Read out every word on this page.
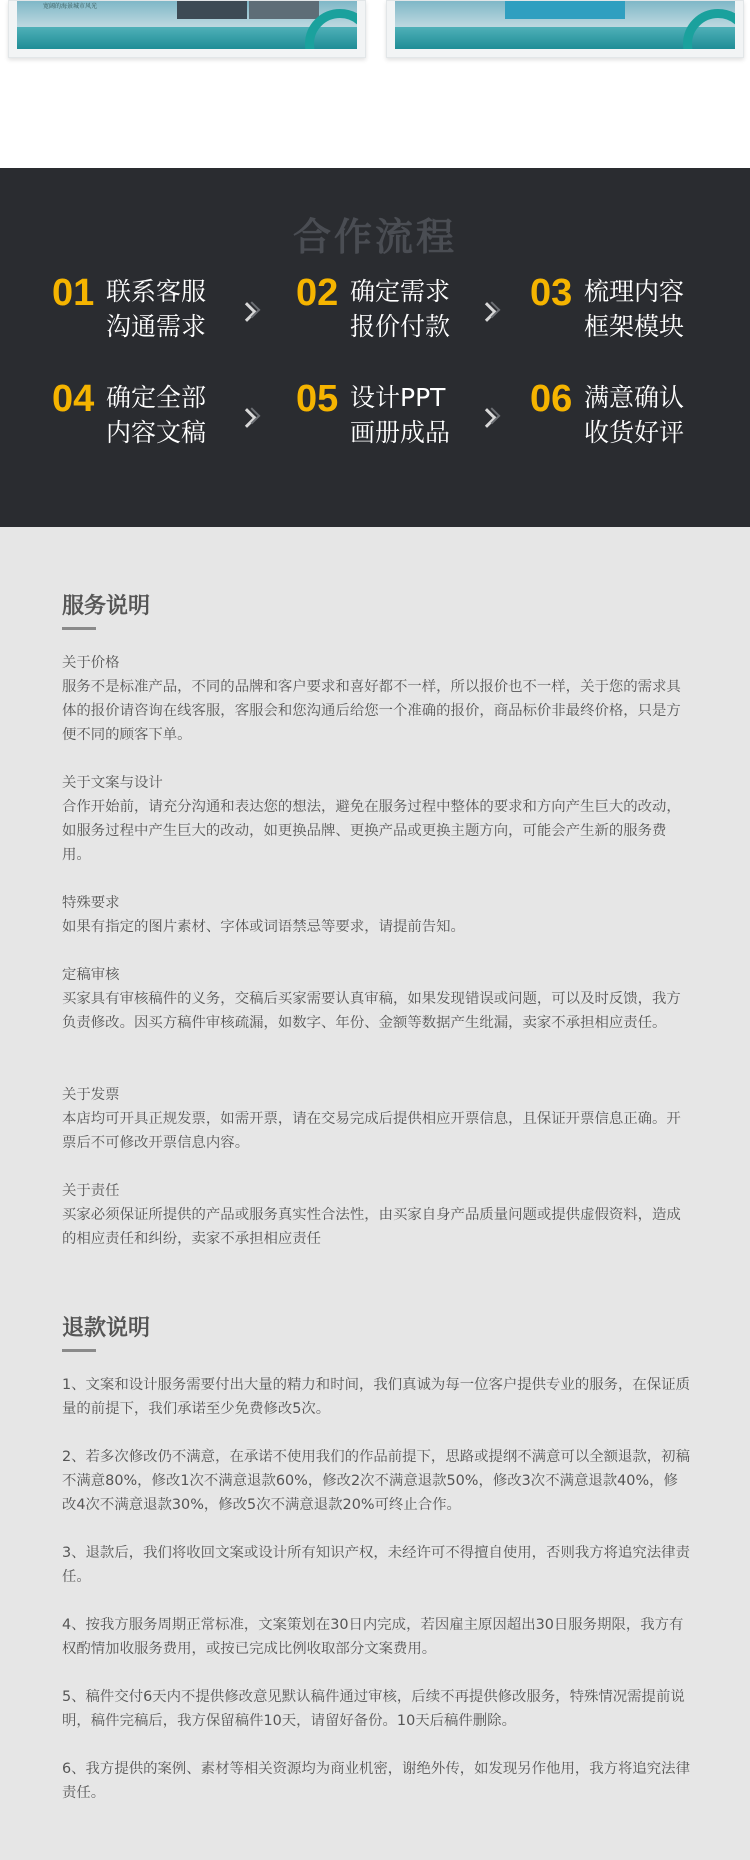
宽阔的海景城市风光
合作流程
01 联系客服
沟通需求
02 确定需求
报价付款
03 梳理内容
框架模块
04 确定全部
内容文稿
05 设计PPT
画册成品
06 满意确认
收货好评
服务说明
关于价格
服务不是标准产品，不同的品牌和客户要求和喜好都不一样，所以报价也不一样，关于您的需求具体的报价请咨询在线客服，客服会和您沟通后给您一个准确的报价，商品标价非最终价格，只是方便不同的顾客下单。
关于文案与设计
合作开始前，请充分沟通和表达您的想法，避免在服务过程中整体的要求和方向产生巨大的改动，如服务过程中产生巨大的改动，如更换品牌、更换产品或更换主题方向，可能会产生新的服务费用。
特殊要求
如果有指定的图片素材、字体或词语禁忌等要求，请提前告知。
定稿审核
买家具有审核稿件的义务，交稿后买家需要认真审稿，如果发现错误或问题，可以及时反馈，我方负责修改。因买方稿件审核疏漏，如数字、年份、金额等数据产生纰漏，卖家不承担相应责任。
关于发票
本店均可开具正规发票，如需开票，请在交易完成后提供相应开票信息，且保证开票信息正确。开票后不可修改开票信息内容。
关于责任
买家必须保证所提供的产品或服务真实性合法性，由买家自身产品质量问题或提供虚假资料，造成的相应责任和纠纷，卖家不承担相应责任
退款说明
1、文案和设计服务需要付出大量的精力和时间，我们真诚为每一位客户提供专业的服务，在保证质量的前提下，我们承诺至少免费修改5次。
2、若多次修改仍不满意，在承诺不使用我们的作品前提下，思路或提纲不满意可以全额退款，初稿不满意80%，修改1次不满意退款60%，修改2次不满意退款50%，修改3次不满意退款40%，修改4次不满意退款30%，修改5次不满意退款20%可终止合作。
3、退款后，我们将收回文案或设计所有知识产权，未经许可不得擅自使用，否则我方将追究法律责任。
4、按我方服务周期正常标准，文案策划在30日内完成，若因雇主原因超出30日服务期限，我方有权酌情加收服务费用，或按已完成比例收取部分文案费用。
5、稿件交付6天内不提供修改意见默认稿件通过审核，后续不再提供修改服务，特殊情况需提前说明，稿件完稿后，我方保留稿件10天，请留好备份。10天后稿件删除。
6、我方提供的案例、素材等相关资源均为商业机密，谢绝外传，如发现另作他用，我方将追究法律责任。
